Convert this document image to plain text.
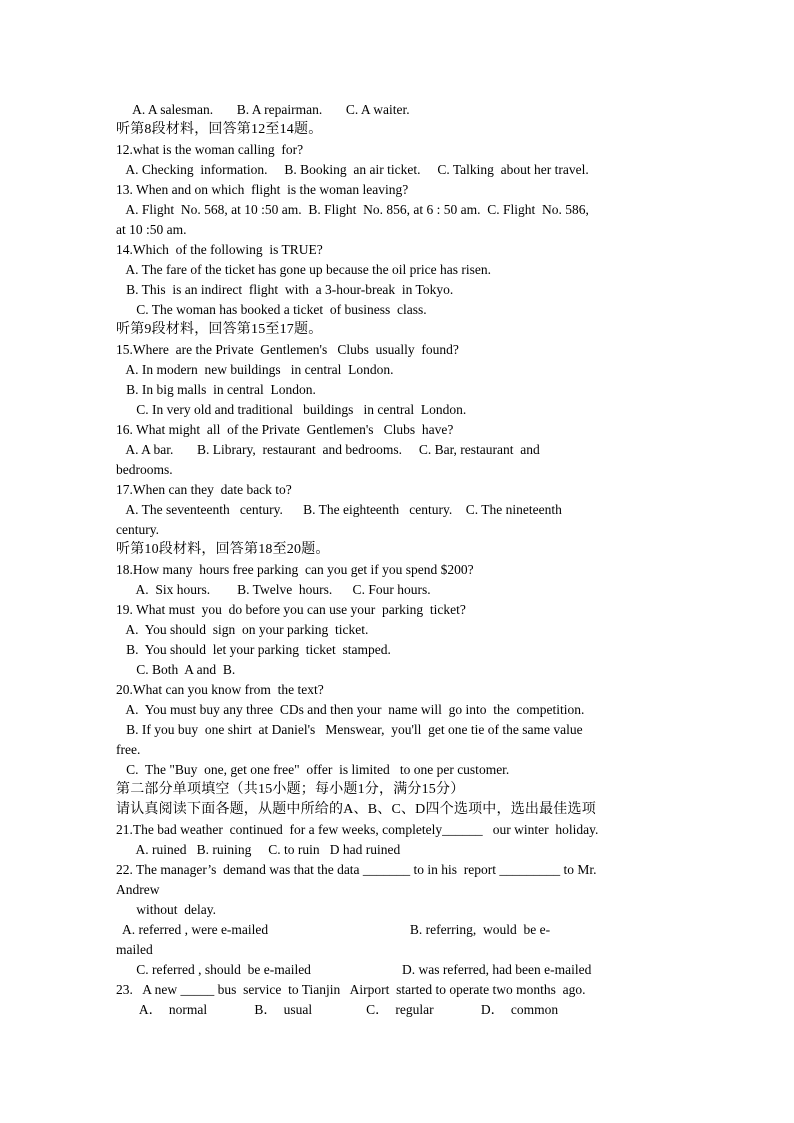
A. A salesman.       B. A repairman.       C. A waiter.
听第8段材料，回答第12至14题。
12.what is the woman calling  for?
A. Checking  information.     B. Booking  an air ticket.     C. Talking  about her travel.
13. When and on which  flight  is the woman leaving?
A. Flight  No. 568, at 10 :50 am.  B. Flight  No. 856, at 6 : 50 am.  C. Flight  No. 586,
at 10 :50 am.
14.Which  of the following  is TRUE?
A. The fare of the ticket has gone up because the oil price has risen.
B. This  is an indirect  flight  with  a 3-hour-break  in Tokyo.
C. The woman has booked a ticket  of business  class.
听第9段材料，回答第15至17题。
15.Where  are the Private  Gentlemen's   Clubs  usually  found?
A. In modern  new buildings   in central  London.
B. In big malls  in central  London.
C. In very old and traditional   buildings   in central  London.
16. What might  all  of the Private  Gentlemen's   Clubs  have?
A. A bar.       B. Library,  restaurant  and bedrooms.     C. Bar, restaurant  and
bedrooms.
17.When can they  date back to?
A. The seventeenth   century.      B. The eighteenth   century.    C. The nineteenth
century.
听第10段材料，回答第18至20题。
18.How many  hours free parking  can you get if you spend $200?
A.  Six hours.        B. Twelve  hours.      C. Four hours.
19. What must  you  do before you can use your  parking  ticket?
A.  You should  sign  on your parking  ticket.
B.  You should  let your parking  ticket  stamped.
C. Both  A and  B.
20.What can you know from  the text?
A.  You must buy any three  CDs and then your  name will  go into  the  competition.
B. If you buy  one shirt  at Daniel's   Menswear,  you'll  get one tie of the same value
free.
C.  The "Buy  one, get one free"  offer  is limited   to one per customer.
第二部分单项填空（共15小题；每小题1分，满分15分）
请认真阅读下面各题，从题中所给的A、B、C、D四个选项中，选出最佳选项
21.The bad weather  continued  for a few weeks, completely______   our winter  holiday.
A. ruined   B. ruining     C. to ruin   D had ruined
22. The manager’s  demand was that the data _______ to in his  report _________ to Mr.
Andrew
without  delay.
A. referred , were e-mailed                                          B. referring,  would  be e-
mailed
C. referred , should  be e-mailed                           D. was referred, had been e-mailed
23.   A new _____ bus  service  to Tianjin   Airport  started to operate two months  ago.
A．  normal              B．  usual                C．  regular              D．  common
